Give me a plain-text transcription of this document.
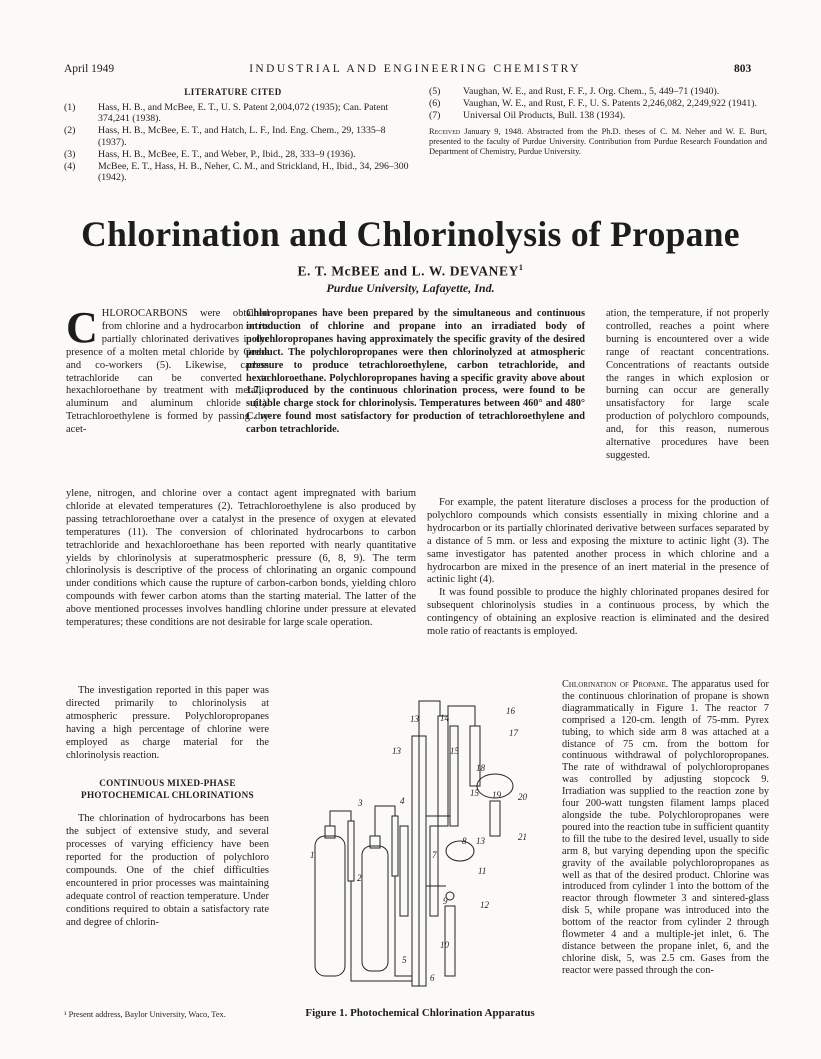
April 1949	INDUSTRIAL AND ENGINEERING CHEMISTRY	803
LITERATURE CITED
(1) Hass, H. B., and McBee, E. T., U. S. Patent 2,004,072 (1935); Can. Patent 374,241 (1938).
(2) Hass, H. B., McBee, E. T., and Hatch, L. F., Ind. Eng. Chem., 29, 1335–8 (1937).
(3) Hass, H. B., McBee, E. T., and Weber, P., Ibid., 28, 333–9 (1936).
(4) McBee, E. T., Hass, H. B., Neher, C. M., and Strickland, H., Ibid., 34, 296–300 (1942).
(5) Vaughan, W. E., and Rust, F. F., J. Org. Chem., 5, 449–71 (1940).
(6) Vaughan, W. E., and Rust, F. F., U. S. Patents 2,246,082, 2,249,922 (1941).
(7) Universal Oil Products, Bull. 138 (1934).
Received January 9, 1948. Abstracted from the Ph.D. theses of C. M. Neher and W. E. Burt, presented to the faculty of Purdue University. Contribution from Purdue Research Foundation and Department of Chemistry, Purdue University.
Chlorination and Chlorinolysis of Propane
E. T. McBEE and L. W. DEVANEY$^1$
Purdue University, Lafayette, Ind.

CHLOROCARBONS were obtained from chlorine and a hydrocarbon or its partially chlorinated derivatives in the presence of a molten metal chloride by Grebe and co-workers (5). Likewise, carbon tetrachloride can be converted to hexachloroethane by treatment with metallic aluminum and aluminum chloride (1). Tetrachloroethylene is formed by passing dry acet-

Chloropropanes have been prepared by the simultaneous and continuous introduction of chlorine and propane into an irradiated body of polychloropropanes having approximately the specific gravity of the desired product. The polychloropropanes were then chlorinolyzed at atmospheric pressure to produce tetrachloroethylene, carbon tetrachloride, and hexachloroethane. Polychloropropanes having a specific gravity above about 1.7, produced by the continuous chlorination process, were found to be suitable charge stock for chlorinolysis. Temperatures between 460° and 480° C. were found most satisfactory for production of tetrachloroethylene and carbon tetrachloride.

ation, the temperature, if not properly controlled, reaches a point where burning is encountered over a wide range of reactant concentrations. Concentrations of reactants outside the ranges in which explosion or burning can occur are generally unsatisfactory for large scale production of polychloro compounds, and, for this reason, numerous alternative procedures have been suggested.

ylene, nitrogen, and chlorine over a contact agent impregnated with barium chloride at elevated temperatures (2). Tetrachloroethylene is also produced by passing tetrachloroethane over a catalyst in the presence of oxygen at elevated temperatures (11). The conversion of chlorinated hydrocarbons to carbon tetrachloride and hexachloroethane has been reported with nearly quantitative yields by chlorinolysis at superatmospheric pressure (6, 8, 9). The term chlorinolysis is descriptive of the process of chlorinating an organic compound under conditions which cause the rupture of carbon-carbon bonds, yielding chloro compounds with fewer carbon atoms than the starting material. The latter of the above mentioned processes involves handling chlorine under pressure at elevated temperatures; these conditions are not desirable for large scale operation.

For example, the patent literature discloses a process for the production of polychloro compounds which consists essentially in mixing chlorine and a hydrocarbon or its partially chlorinated derivative between surfaces separated by a distance of 5 mm. or less and exposing the mixture to actinic light (3). The same investigator has patented another process in which chlorine and a hydrocarbon are mixed in the presence of an inert material in the presence of actinic light (4).

It was found possible to produce the highly chlorinated propanes desired for subsequent chlorinolysis studies in a continuous process, by which the contingency of obtaining an explosive reaction is eliminated and the desired mole ratio of reactants is employed.

The investigation reported in this paper was directed primarily to chlorinolysis at atmospheric pressure. Polychloropropanes having a high percentage of chlorine were employed as charge material for the chlorinolysis reaction.

CONTINUOUS MIXED-PHASE PHOTOCHEMICAL CHLORINATIONS

The chlorination of hydrocarbons has been the subject of extensive study, and several processes of varying efficiency have been reported for the production of polychloro compounds. One of the chief difficulties encountered in prior processes was maintaining adequate control of reaction temperature. Under conditions required to obtain a satisfactory rate and degree of chlorin-

1
2
3	4
5
6
7
8
9
10
11
12
13
13
13
14
15
15
16
17
18
19 20
21
Figure 1. Photochemical Chlorination Apparatus

Chlorination of Propane. The apparatus used for the continuous chlorination of propane is shown diagrammatically in Figure 1. The reactor 7 comprised a 120-cm. length of 75-mm. Pyrex tubing, to which side arm 8 was attached at a distance of 75 cm. from the bottom for continuous withdrawal of polychloropropanes. The rate of withdrawal of polychloropropanes was controlled by adjusting stopcock 9. Irradiation was supplied to the reaction zone by four 200-watt tungsten filament lamps placed alongside the tube. Polychloropropanes were poured into the reaction tube in sufficient quantity to fill the tube to the desired level, usually to side arm 8, but varying depending upon the specific gravity of the available polychloropropanes as well as that of the desired product. Chlorine was introduced from cylinder 1 into the bottom of the reactor through flowmeter 3 and sintered-glass disk 5, while propane was introduced into the bottom of the reactor from cylinder 2 through flowmeter 4 and a multiple-jet inlet, 6. The distance between the propane inlet, 6, and the chlorine disk, 5, was 2.5 cm. Gases from the reactor were passed through the con-

¹ Present address, Baylor University, Waco, Tex.
